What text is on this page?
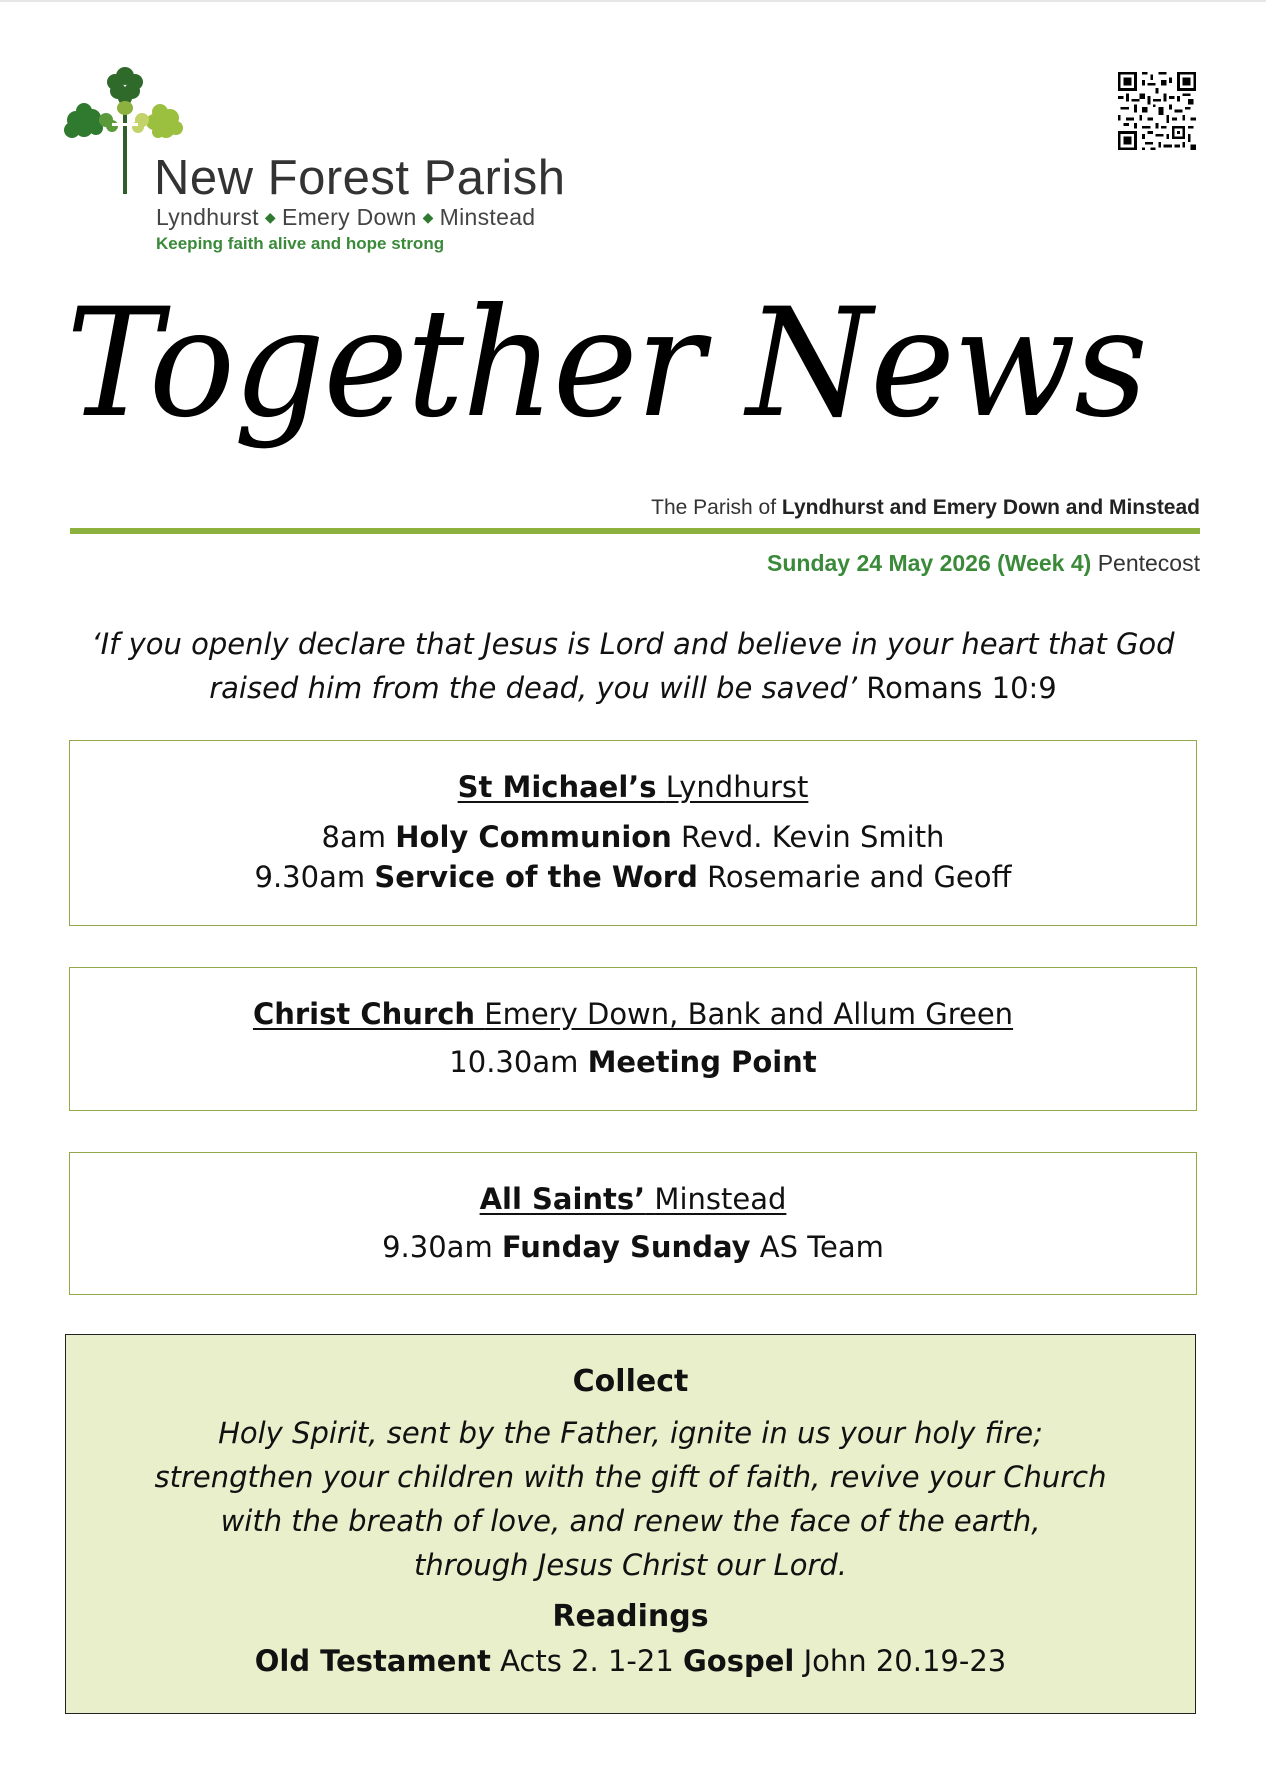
New Forest Parish
Lyndhurst ◆ Emery Down ◆ Minstead
Keeping faith alive and hope strong
Together News
The Parish of Lyndhurst and Emery Down and Minstead
Sunday 24 May 2026 (Week 4) Pentecost
‘If you openly declare that Jesus is Lord and believe in your heart that God
raised him from the dead, you will be saved’ Romans 10:9
St Michael’s Lyndhurst
8am Holy Communion Revd. Kevin Smith
9.30am Service of the Word Rosemarie and Geoff
Christ Church Emery Down, Bank and Allum Green
10.30am Meeting Point
All Saints’ Minstead
9.30am Funday Sunday AS Team
Collect
Holy Spirit, sent by the Father, ignite in us your holy fire;
strengthen your children with the gift of faith, revive your Church
with the breath of love, and renew the face of the earth,
through Jesus Christ our Lord.
Readings
Old Testament Acts 2. 1-21 Gospel John 20.19-23
